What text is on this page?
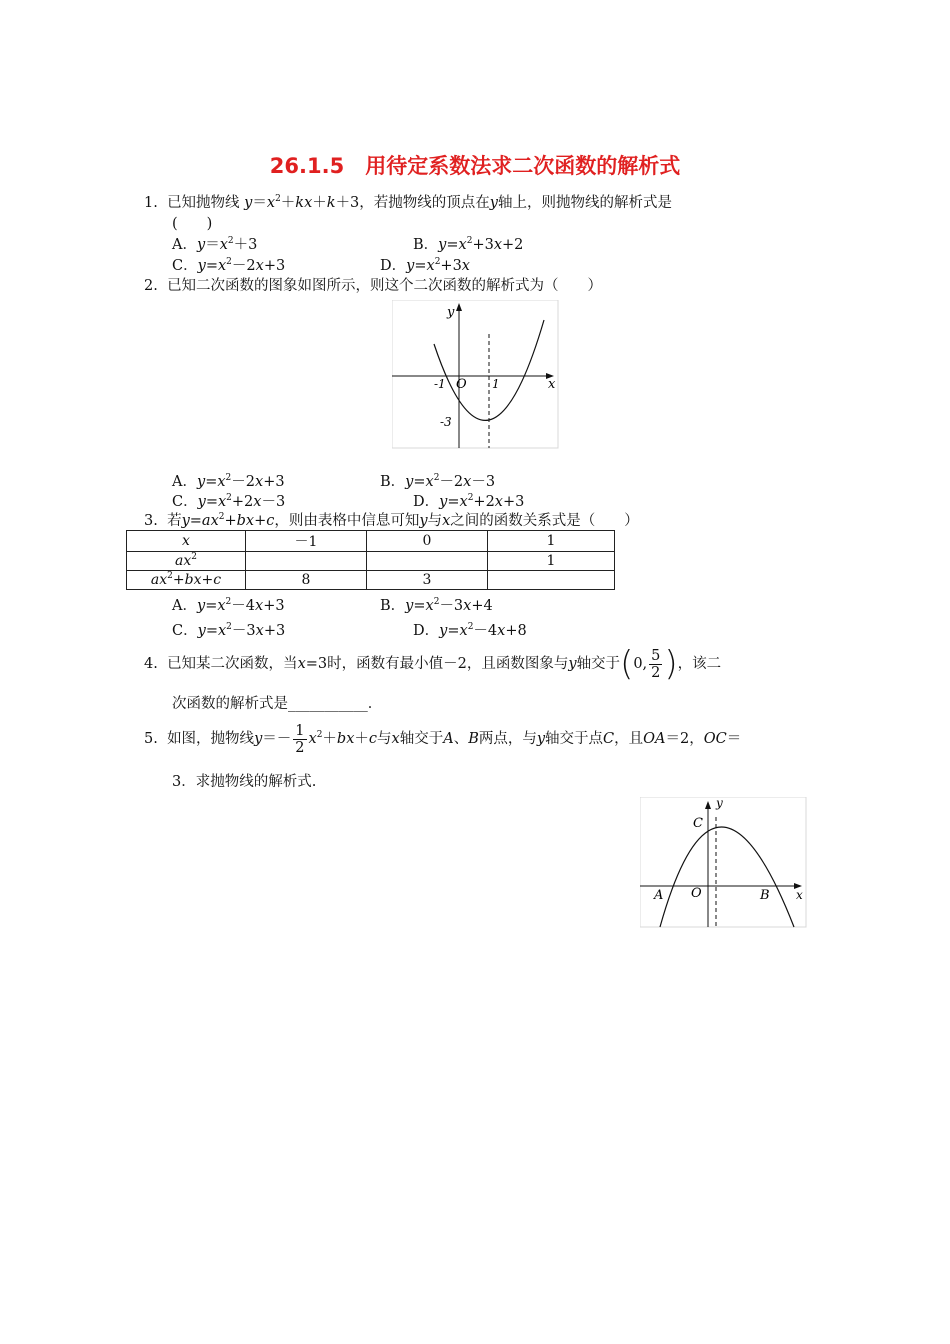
26.1.5　用待定系数法求二次函数的解析式
1. 已知抛物线 $y=x^2+kx+k+3$，若抛物线的顶点在y轴上，则抛物线的解析式是
(　　)
A．$y=x^2+3$	B．$y=x^2+3x+2$
C．$y=x^2-2x+3$	D．$y=x^2+3x$
2. 已知二次函数的图象如图所示，则这个二次函数的解析式为（　　）
y
x
O
-1	1
-3
A．$y=x^2-2x+3$	B．$y=x^2-2x-3$
C．$y=x^2+2x-3$	D．$y=x^2+2x+3$
3. 若$y=ax^2+bx+c$，则由表格中信息可知y与x之间的函数关系式是（　　）
x	－1	0	1
$ax^2$			1
$ax^2+bx+c$	8	3	
A．$y=x^2-4x+3$	B．$y=x^2-3x+4$
C．$y=x^2-3x+3$	D．$y=x^2-4x+8$
4. 已知某二次函数，当x=3时，函数有最小值－2，且函数图象与y轴交于(0, $\frac{5}{2}$ )，该二
次函数的解析式是___________．
5. 如图，抛物线$y=- \frac{1}{2} x^2+bx+c$与x轴交于A、B两点，与y轴交于点C，且OA＝2，OC＝
3．求抛物线的解析式.
y
x
C
A O	B
